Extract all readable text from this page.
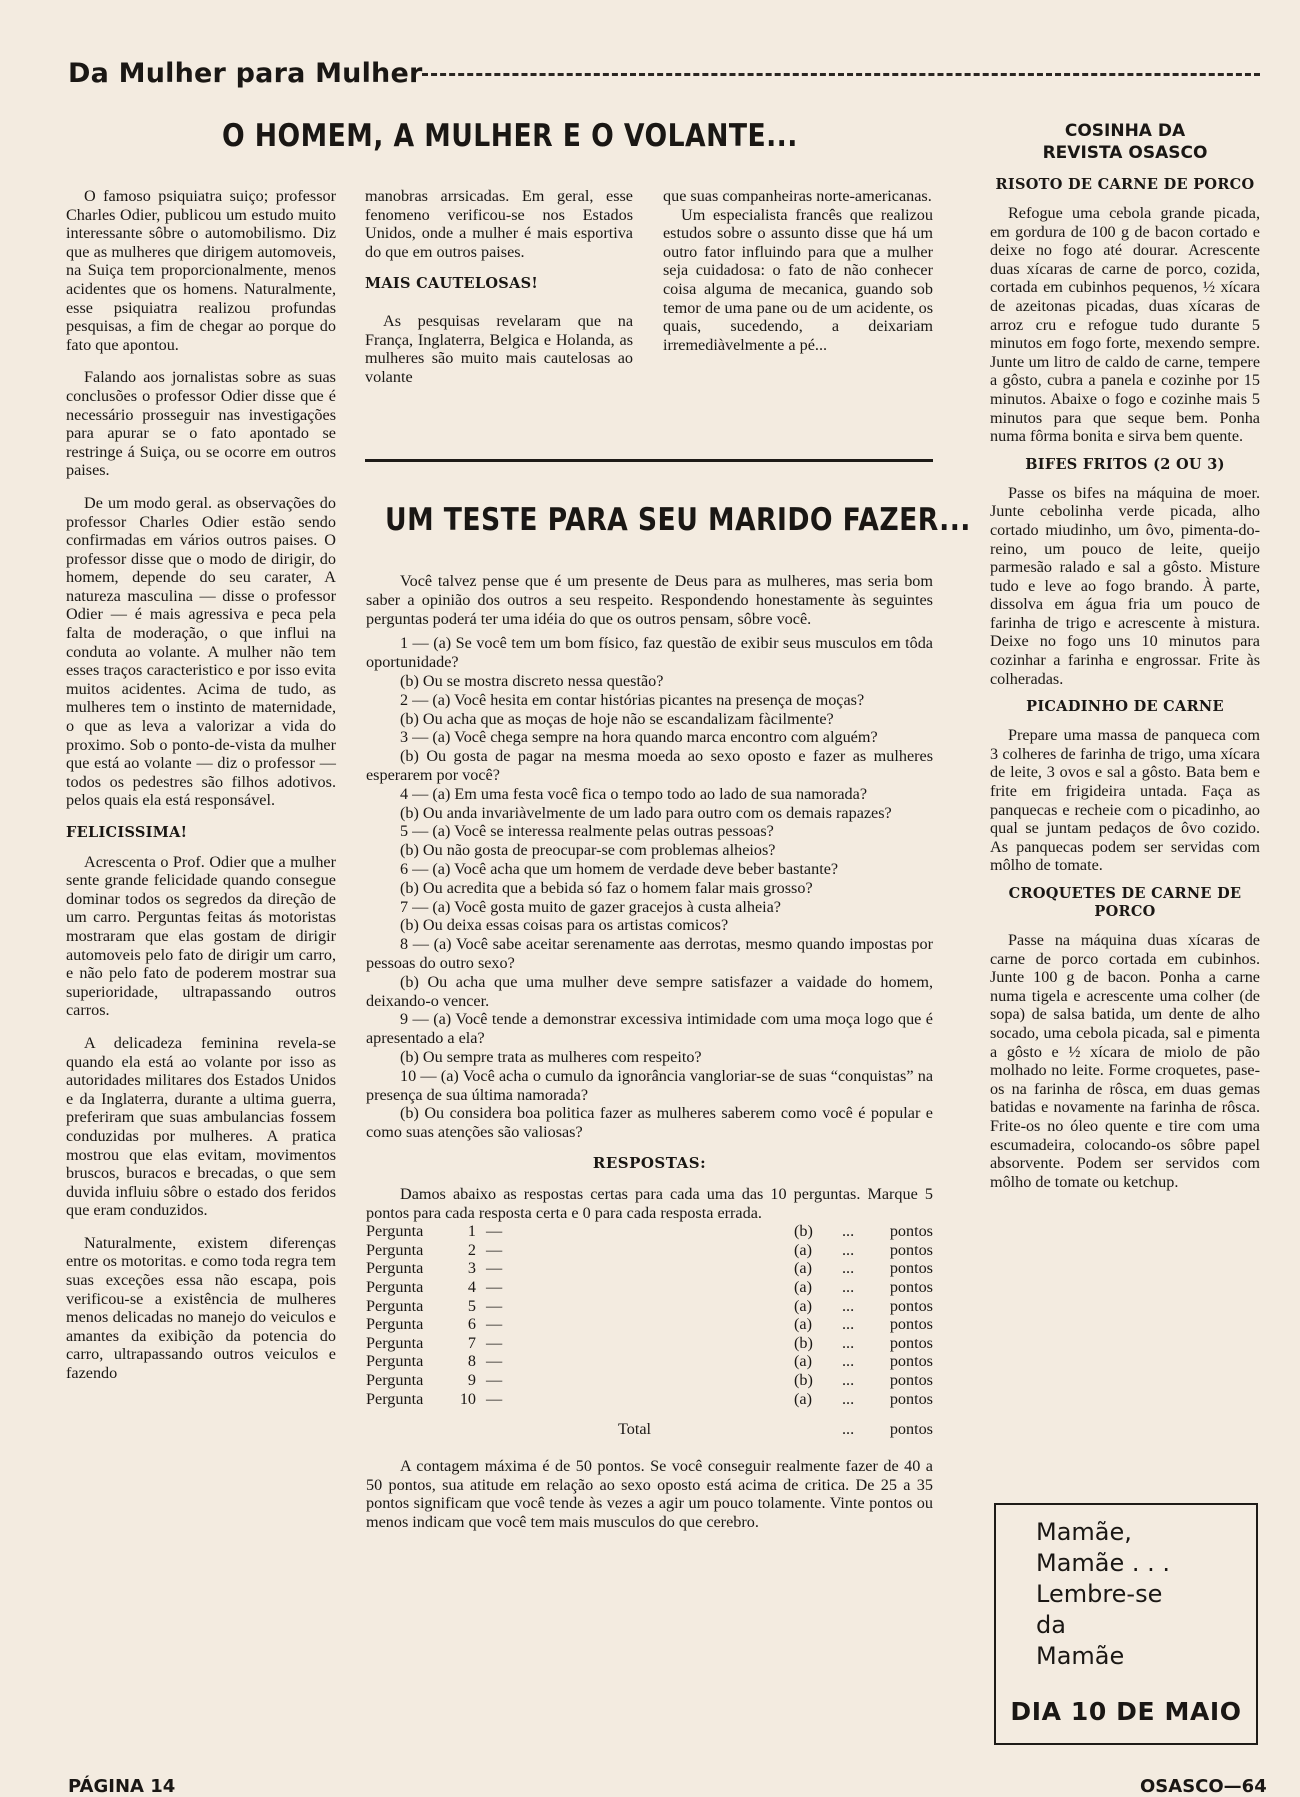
Da Mulher para Mulher
O HOMEM, A MULHER E O VOLANTE...

O famoso psiquiatra suiço; professor Charles Odier, publicou um estudo muito interessante sôbre o automobilismo. Diz que as mulheres que dirigem automoveis, na Suiça tem proporcionalmente, menos acidentes que os homens. Naturalmente, esse psiquiatra realizou profundas pesquisas, a fim de chegar ao porque do fato que apontou.

Falando aos jornalistas sobre as suas conclusões o professor Odier disse que é necessário prosseguir nas investigações para apurar se o fato apontado se restringe á Suiça, ou se ocorre em outros paises.

De um modo geral. as observações do professor Charles Odier estão sendo confirmadas em vários outros paises. O professor disse que o modo de dirigir, do homem, depende do seu carater, A natureza masculina — disse o professor Odier — é mais agressiva e peca pela falta de moderação, o que influi na conduta ao volante. A mulher não tem esses traços caracteristico e por isso evita muitos acidentes. Acima de tudo, as mulheres tem o instinto de maternidade, o que as leva a valorizar a vida do proximo. Sob o ponto-de-vista da mulher que está ao volante — diz o professor — todos os pedestres são filhos adotivos. pelos quais ela está responsável.

FELICISSIMA!

Acrescenta o Prof. Odier que a mulher sente grande felicidade quando consegue dominar todos os segredos da direção de um carro. Perguntas feitas ás motoristas mostraram que elas gostam de dirigir automoveis pelo fato de dirigir um carro, e não pelo fato de poderem mostrar sua superioridade, ultrapassando outros carros.

A delicadeza feminina revela-se quando ela está ao volante por isso as autoridades militares dos Estados Unidos e da Inglaterra, durante a ultima guerra, preferiram que suas ambulancias fossem conduzidas por mulheres. A pratica mostrou que elas evitam, movimentos bruscos, buracos e brecadas, o que sem duvida influiu sôbre o estado dos feridos que eram conduzidos.

Naturalmente, existem diferenças entre os motoritas. e como toda regra tem suas exceções essa não escapa, pois verificou-se a existência de mulheres menos delicadas no manejo do veiculos e amantes da exibição da potencia do carro, ultrapassando outros veiculos e fazendo

manobras arrsicadas. Em geral, esse fenomeno verificou-se nos Estados Unidos, onde a mulher é mais esportiva do que em outros paises.

MAIS CAUTELOSAS!

As pesquisas revelaram que na França, Inglaterra, Belgica e Holanda, as mulheres são muito mais cautelosas ao volante

que suas companheiras norte-americanas.

Um especialista francês que realizou estudos sobre o assunto disse que há um outro fator influindo para que a mulher seja cuidadosa: o fato de não conhecer coisa alguma de mecanica, guando sob temor de uma pane ou de um acidente, os quais, sucedendo, a deixariam irremediàvelmente a pé...

UM TESTE PARA SEU MARIDO FAZER...

Você talvez pense que é um presente de Deus para as mulheres, mas seria bom saber a opinião dos outros a seu respeito. Respondendo honestamente às seguintes perguntas poderá ter uma idéia do que os outros pensam, sôbre você.

1 — (a) Se você tem um bom físico, faz questão de exibir seus musculos em tôda oportunidade?
(b) Ou se mostra discreto nessa questão?
2 — (a) Você hesita em contar histórias picantes na presença de moças?
(b) Ou acha que as moças de hoje não se escandalizam fàcilmente?
3 — (a) Você chega sempre na hora quando marca encontro com alguém?
(b) Ou gosta de pagar na mesma moeda ao sexo oposto e fazer as mulheres esperarem por você?
4 — (a) Em uma festa você fica o tempo todo ao lado de sua namorada?
(b) Ou anda invariàvelmente de um lado para outro com os demais rapazes?
5 — (a) Você se interessa realmente pelas outras pessoas?
(b) Ou não gosta de preocupar-se com problemas alheios?
6 — (a) Você acha que um homem de verdade deve beber bastante?
(b) Ou acredita que a bebida só faz o homem falar mais grosso?
7 — (a) Você gosta muito de gazer gracejos à custa alheia?
(b) Ou deixa essas coisas para os artistas comicos?
8 — (a) Você sabe aceitar serenamente aas derrotas, mesmo quando impostas por pessoas do outro sexo?
(b) Ou acha que uma mulher deve sempre satisfazer a vaidade do homem, deixando-o vencer.
9 — (a) Você tende a demonstrar excessiva intimidade com uma moça logo que é apresentado a ela?
(b) Ou sempre trata as mulheres com respeito?
10 — (a) Você acha o cumulo da ignorância vangloriar-se de suas “conquistas” na presença de sua última namorada?
(b) Ou considera boa politica fazer as mulheres saberem como você é popular e como suas atenções são valiosas?
RESPOSTAS:

Damos abaixo as respostas certas para cada uma das 10 perguntas. Marque 5 pontos para cada resposta certa e 0 para cada resposta errada.

Pergunta	1 —	(b) ... pontos
Pergunta	2 —	(a) ... pontos
Pergunta	3 —	(a) ... pontos
Pergunta	4 —	(a) ... pontos
Pergunta	5 —	(a) ... pontos
Pergunta	6 —	(a) ... pontos
Pergunta	7 —	(b) ... pontos
Pergunta	8 —	(a) ... pontos
Pergunta	9 —	(b) ... pontos
Pergunta	10 —	(a) ... pontos
Total	... pontos

A contagem máxima é de 50 pontos. Se você conseguir realmente fazer de 40 a 50 pontos, sua atitude em relação ao sexo oposto está acima de critica. De 25 a 35 pontos significam que você tende às vezes a agir um pouco tolamente. Vinte pontos ou menos indicam que você tem mais musculos do que cerebro.

COSINHA DA
REVISTA OSASCO
RISOTO DE CARNE DE PORCO

Refogue uma cebola grande picada, em gordura de 100 g de bacon cortado e deixe no fogo até dourar. Acrescente duas xícaras de carne de porco, cozida, cortada em cubinhos pequenos, ½ xícara de azeitonas picadas, duas xícaras de arroz cru e refogue tudo durante 5 minutos em fogo forte, mexendo sempre. Junte um litro de caldo de carne, tempere a gôsto, cubra a panela e cozinhe por 15 minutos. Abaixe o fogo e cozinhe mais 5 minutos para que seque bem. Ponha numa fôrma bonita e sirva bem quente.

BIFES FRITOS (2 OU 3)

Passe os bifes na máquina de moer. Junte cebolinha verde picada, alho cortado miudinho, um ôvo, pimenta-do-reino, um pouco de leite, queijo parmesão ralado e sal a gôsto. Misture tudo e leve ao fogo brando. À parte, dissolva em água fria um pouco de farinha de trigo e acrescente à mistura. Deixe no fogo uns 10 minutos para cozinhar a farinha e engrossar. Frite às colheradas.

PICADINHO DE CARNE

Prepare uma massa de panqueca com 3 colheres de farinha de trigo, uma xícara de leite, 3 ovos e sal a gôsto. Bata bem e frite em frigideira untada. Faça as panquecas e recheie com o picadinho, ao qual se juntam pedaços de ôvo cozido. As panquecas podem ser servidas com môlho de tomate.

CROQUETES DE CARNE DE PORCO

Passe na máquina duas xícaras de carne de porco cortada em cubinhos. Junte 100 g de bacon. Ponha a carne numa tigela e acrescente uma colher (de sopa) de salsa batida, um dente de alho socado, uma cebola picada, sal e pimenta a gôsto e ½ xícara de miolo de pão molhado no leite. Forme croquetes, pase-os na farinha de rôsca, em duas gemas batidas e novamente na farinha de rôsca. Frite-os no óleo quente e tire com uma escumadeira, colocando-os sôbre papel absorvente. Podem ser servidos com môlho de tomate ou ketchup.

Mamãe,
Mamãe . . .
Lembre-se
da
Mamãe
DIA 10 DE MAIO
PÁGINA 14	OSASCO—64
